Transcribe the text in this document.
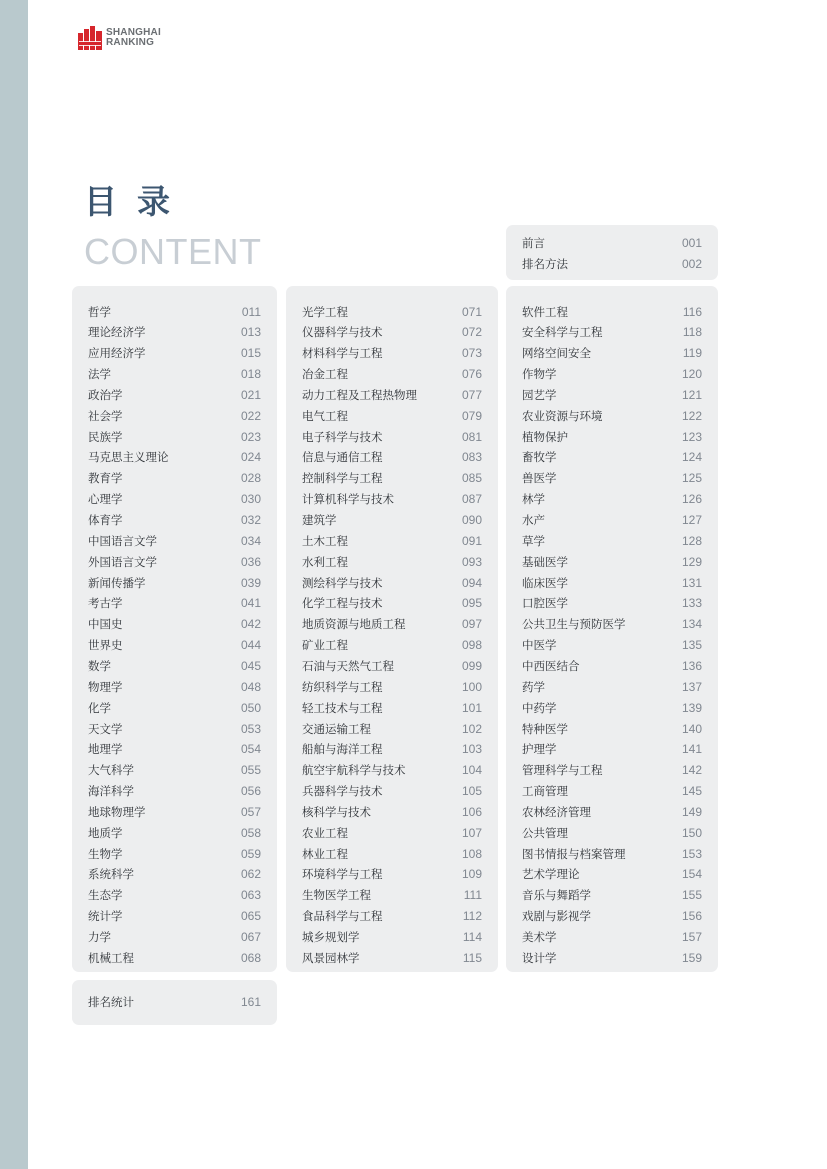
SHANGHAI
RANKING
目录
CONTENT	前言	001
排名方法	002
哲学	011
理论经济学	013
应用经济学	015
法学	018
政治学	021
社会学	022
民族学	023
马克思主义理论	024
教育学	028
心理学	030
体育学	032
中国语言文学	034
外国语言文学	036
新闻传播学	039
考古学	041
中国史	042
世界史	044
数学	045
物理学	048
化学	050
天文学	053
地理学	054
大气科学	055
海洋科学	056
地球物理学	057
地质学	058
生物学	059
系统科学	062
生态学	063
统计学	065
力学	067
机械工程	068
光学工程	071
仪器科学与技术	072
材料科学与工程	073
冶金工程	076
动力工程及工程热物理	077
电气工程	079
电子科学与技术	081
信息与通信工程	083
控制科学与工程	085
计算机科学与技术	087
建筑学	090
土木工程	091
水利工程	093
测绘科学与技术	094
化学工程与技术	095
地质资源与地质工程	097
矿业工程	098
石油与天然气工程	099
纺织科学与工程	100
轻工技术与工程	101
交通运输工程	102
船舶与海洋工程	103
航空宇航科学与技术	104
兵器科学与技术	105
核科学与技术	106
农业工程	107
林业工程	108
环境科学与工程	109
生物医学工程	111
食品科学与工程	112
城乡规划学	114
风景园林学	115
软件工程	116
安全科学与工程	118
网络空间安全	119
作物学	120
园艺学	121
农业资源与环境	122
植物保护	123
畜牧学	124
兽医学	125
林学	126
水产	127
草学	128
基础医学	129
临床医学	131
口腔医学	133
公共卫生与预防医学	134
中医学	135
中西医结合	136
药学	137
中药学	139
特种医学	140
护理学	141
管理科学与工程	142
工商管理	145
农林经济管理	149
公共管理	150
图书情报与档案管理	153
艺术学理论	154
音乐与舞蹈学	155
戏剧与影视学	156
美术学	157
设计学	159
排名统计	161
